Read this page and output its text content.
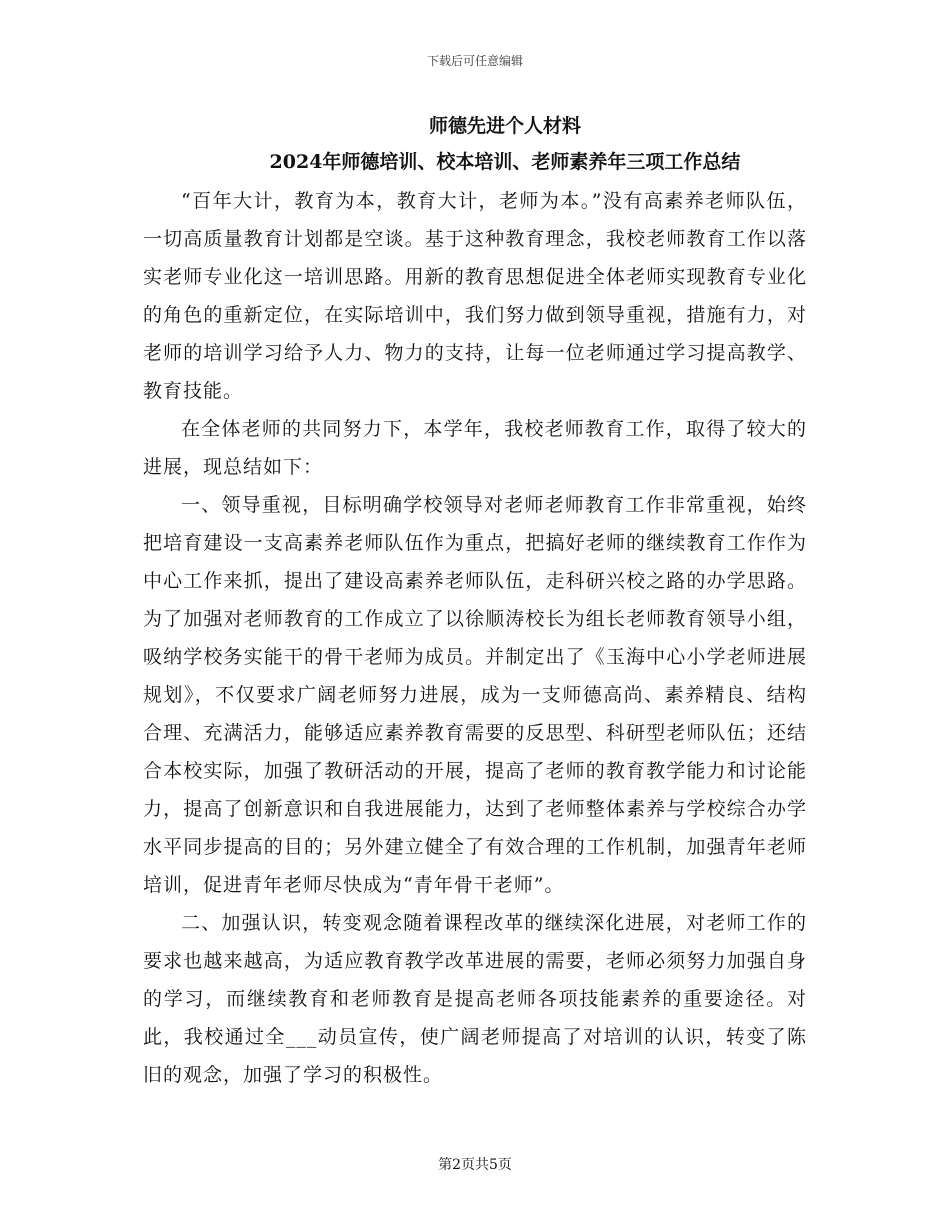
下载后可任意编辑
师德先进个人材料
2024年师德培训、校本培训、老师素养年三项工作总结

“百年大计，教育为本，教育大计，老师为本。”没有高素养老师队伍，一切高质量教育计划都是空谈。基于这种教育理念，我校老师教育工作以落实老师专业化这一培训思路。用新的教育思想促进全体老师实现教育专业化的角色的重新定位，在实际培训中，我们努力做到领导重视，措施有力，对老师的培训学习给予人力、物力的支持，让每一位老师通过学习提高教学、教育技能。

在全体老师的共同努力下，本学年，我校老师教育工作，取得了较大的进展，现总结如下：

一、领导重视，目标明确学校领导对老师老师教育工作非常重视，始终把培育建设一支高素养老师队伍作为重点，把搞好老师的继续教育工作作为中心工作来抓，提出了建设高素养老师队伍，走科研兴校之路的办学思路。为了加强对老师教育的工作成立了以徐顺涛校长为组长老师教育领导小组，吸纳学校务实能干的骨干老师为成员。并制定出了《玉海中心小学老师进展规划》，不仅要求广阔老师努力进展，成为一支师德高尚、素养精良、结构合理、充满活力，能够适应素养教育需要的反思型、科研型老师队伍；还结合本校实际，加强了教研活动的开展，提高了老师的教育教学能力和讨论能力，提高了创新意识和自我进展能力，达到了老师整体素养与学校综合办学水平同步提高的目的；另外建立健全了有效合理的工作机制，加强青年老师培训，促进青年老师尽快成为“青年骨干老师”。

二、加强认识，转变观念随着课程改革的继续深化进展，对老师工作的要求也越来越高，为适应教育教学改革进展的需要，老师必须努力加强自身的学习，而继续教育和老师教育是提高老师各项技能素养的重要途径。对此，我校通过全___动员宣传，使广阔老师提高了对培训的认识，转变了陈旧的观念，加强了学习的积极性。

第2页共5页
